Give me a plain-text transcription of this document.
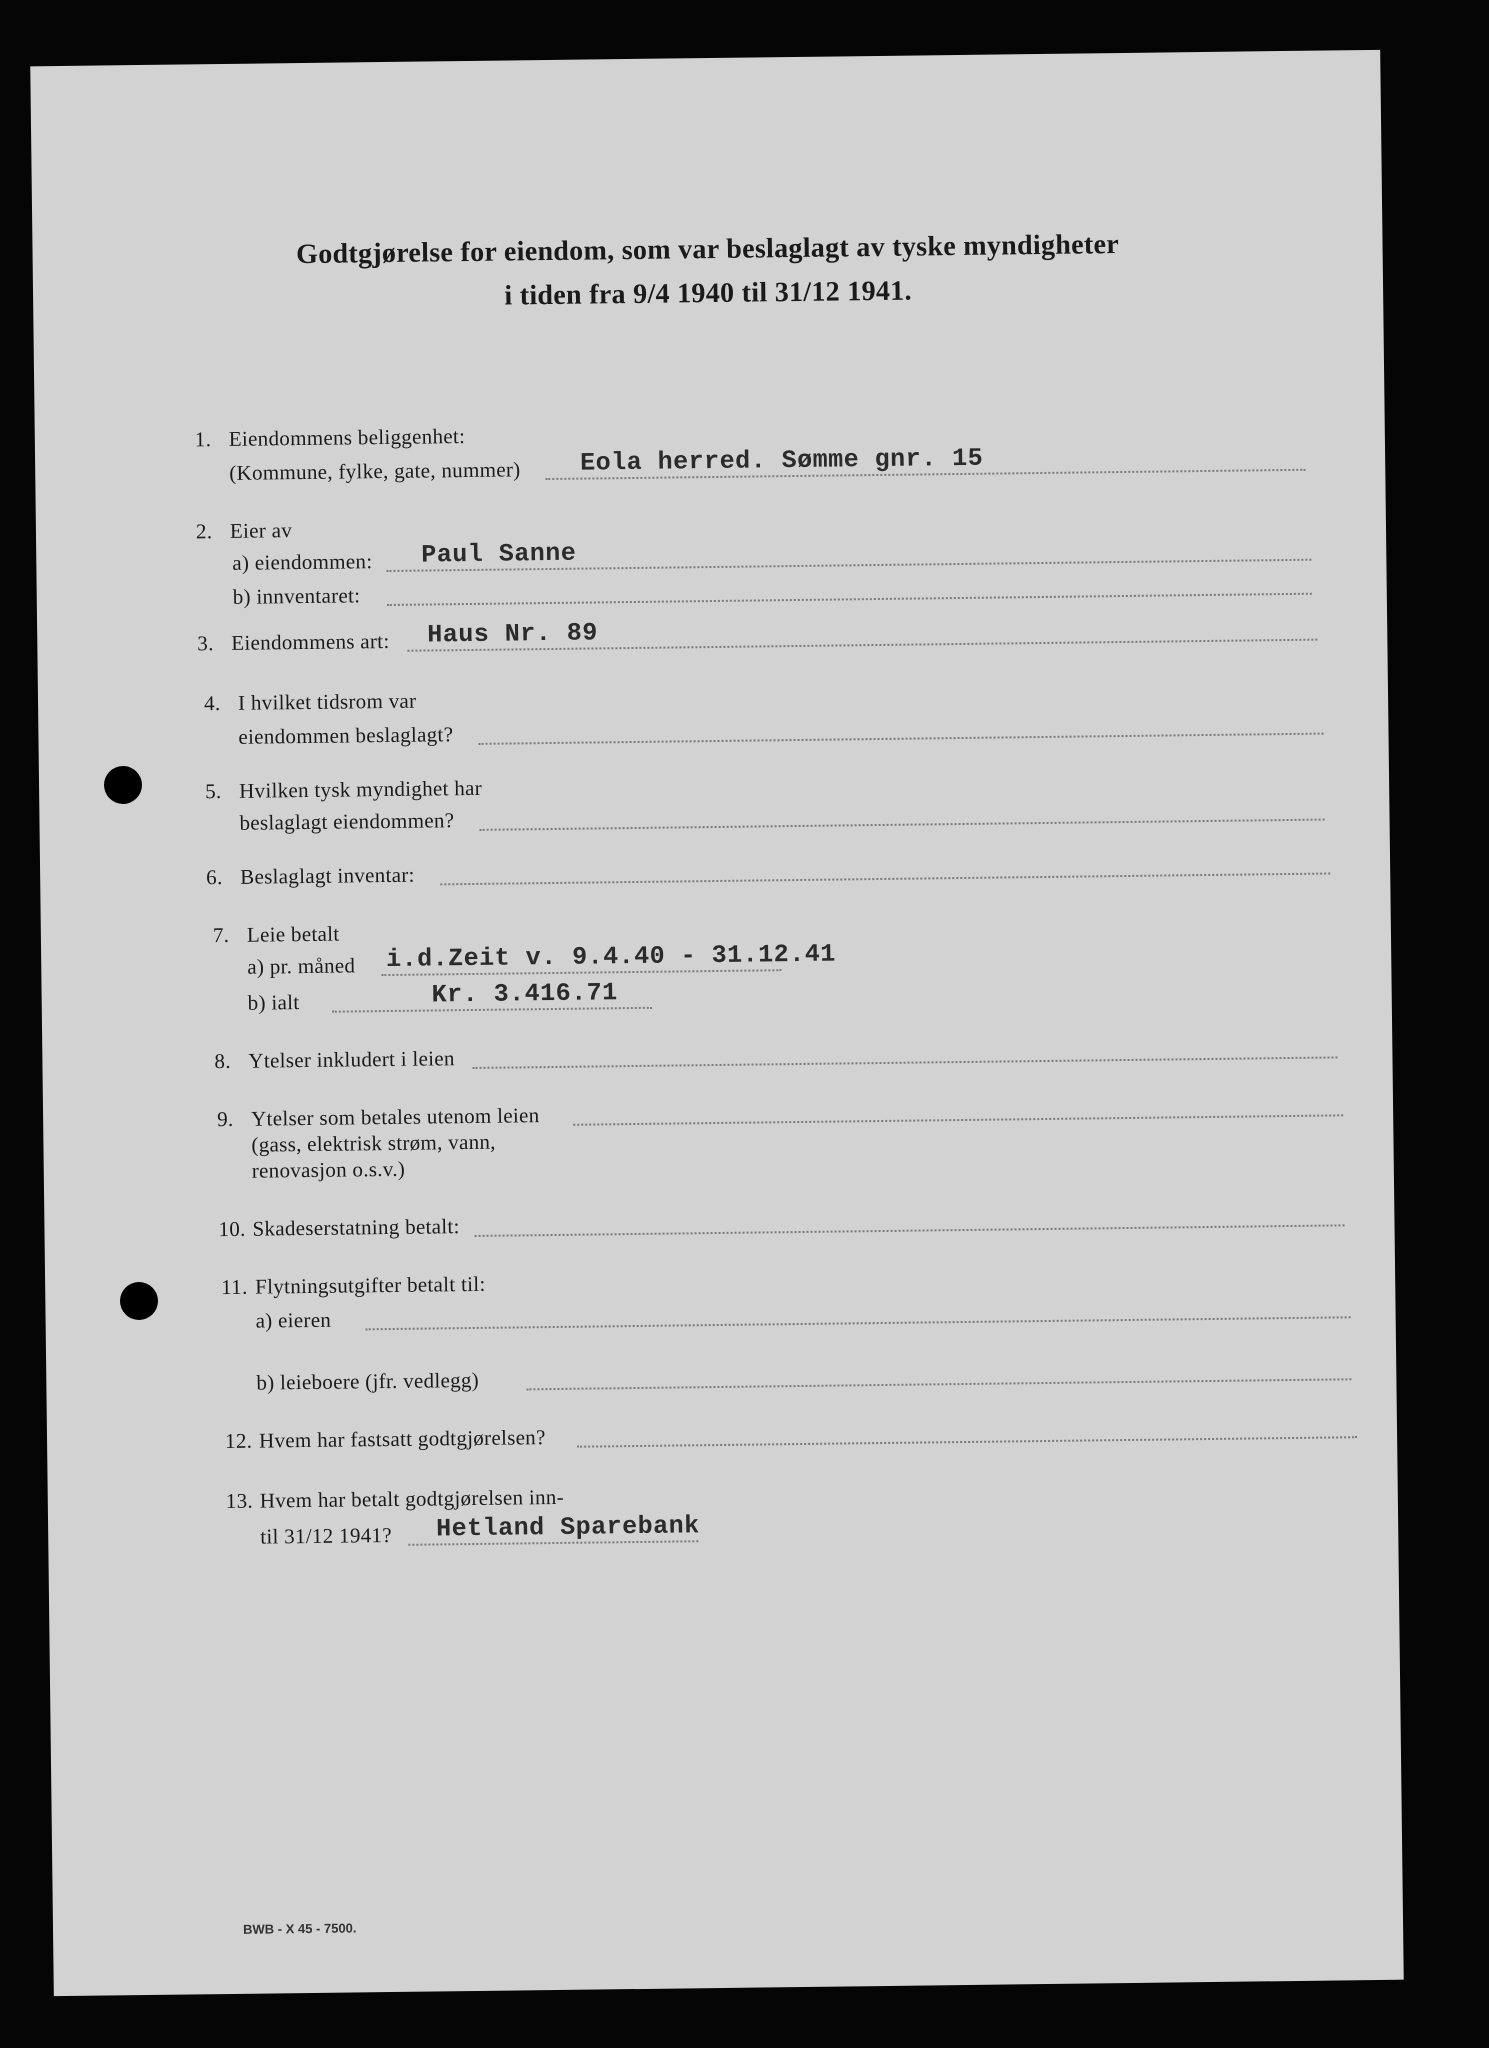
Godtgjørelse for eiendom, som var beslaglagt av tyske myndigheter
i tiden fra 9/4 1940 til 31/12 1941.
1. Eiendommens beliggenhet:
(Kommune, fylke, gate, nummer) Eola herred. Sømme gnr. 15
2. Eier av
a) eiendommen: Paul Sanne
b) innventaret:
3. Eiendommens art: Haus Nr. 89
4. I hvilket tidsrom var
eiendommen beslaglagt?
5. Hvilken tysk myndighet har
beslaglagt eiendommen?
6. Beslaglagt inventar:
7. Leie betalt
a) pr. måned i.d.Zeit v. 9.4.40 - 31.12.41
b) ialt	Kr. 3.416.71
8. Ytelser inkludert i leien
9. Ytelser som betales utenom leien
(gass, elektrisk strøm, vann,
renovasjon o.s.v.)
10. Skadeserstatning betalt:
11. Flytningsutgifter betalt til:
a) eieren
b) leieboere (jfr. vedlegg)
12. Hvem har fastsatt godtgjørelsen?
13. Hvem har betalt godtgjørelsen inn-
til 31/12 1941? Hetland Sparebank
BWB - X 45 - 7500.
